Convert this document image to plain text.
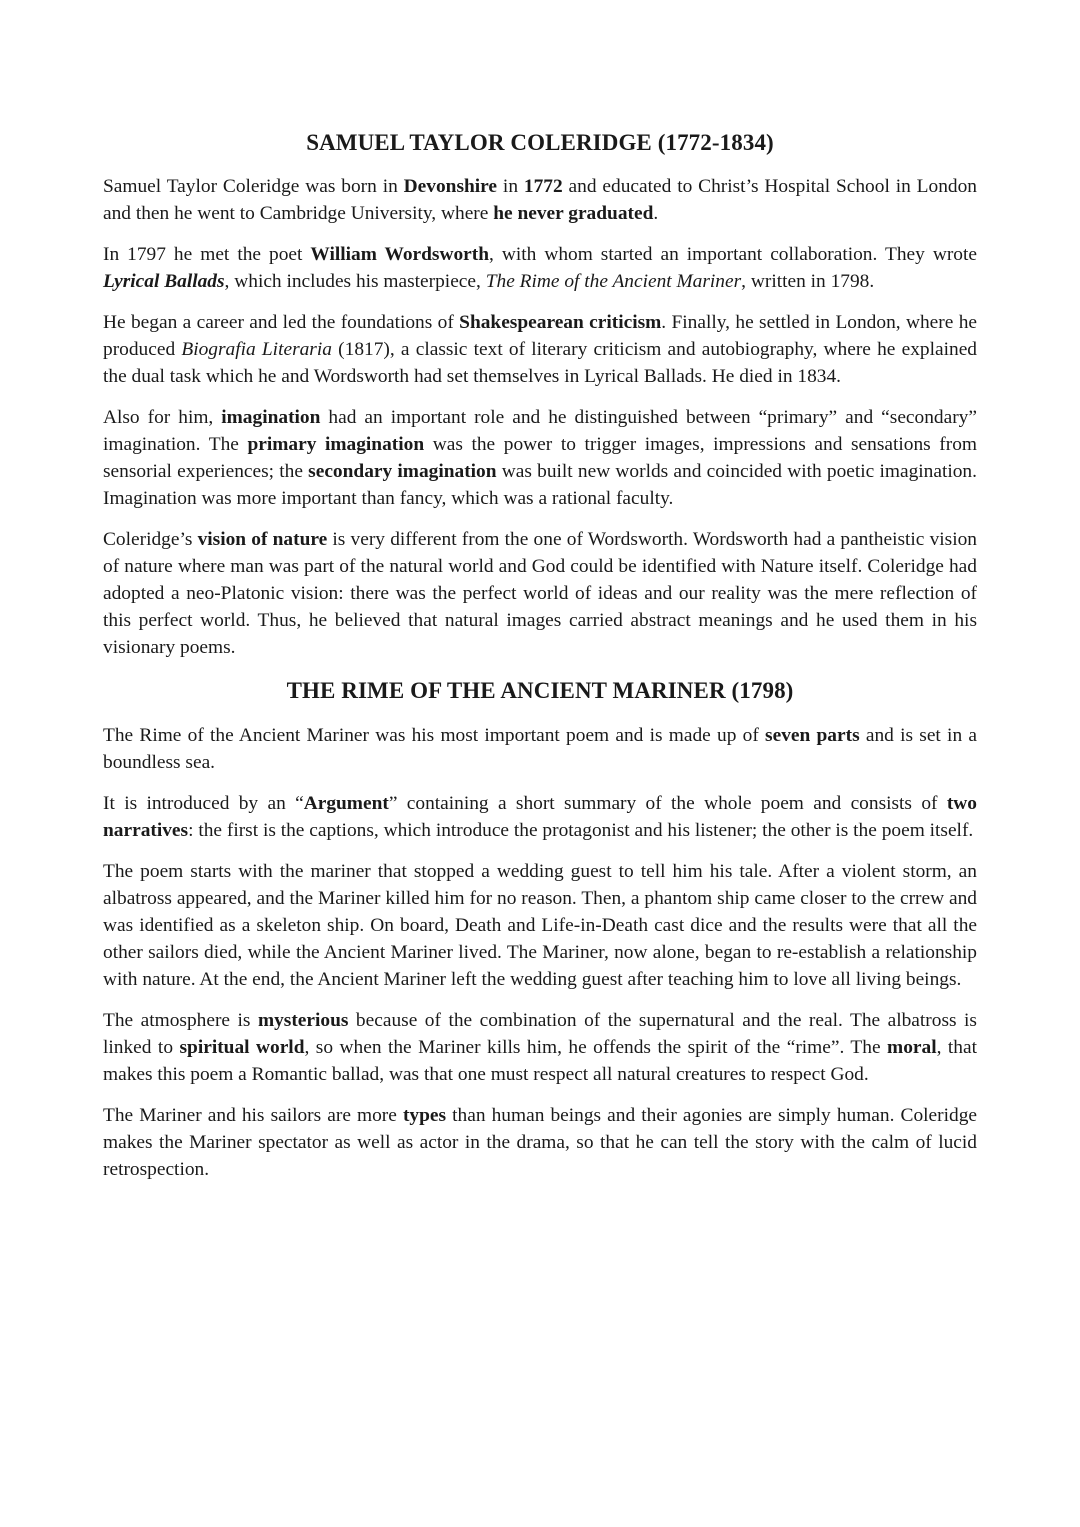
SAMUEL TAYLOR COLERIDGE (1772-1834)

Samuel Taylor Coleridge was born in Devonshire in 1772 and educated to Christ’s Hospital School in London and then he went to Cambridge University, where he never graduated.

In 1797 he met the poet William Wordsworth, with whom started an important collaboration. They wrote Lyrical Ballads, which includes his masterpiece, The Rime of the Ancient Mariner, written in 1798.

He began a career and led the foundations of Shakespearean criticism. Finally, he settled in London, where he produced Biografia Literaria (1817), a classic text of literary criticism and autobiography, where he explained the dual task which he and Wordsworth had set themselves in Lyrical Ballads. He died in 1834.

Also for him, imagination had an important role and he distinguished between “primary” and “secondary” imagination. The primary imagination was the power to trigger images, impressions and sensations from sensorial experiences; the secondary imagination was built new worlds and coincided with poetic imagination. Imagination was more important than fancy, which was a rational faculty.

Coleridge’s vision of nature is very different from the one of Wordsworth. Wordsworth had a pantheistic vision of nature where man was part of the natural world and God could be identified with Nature itself. Coleridge had adopted a neo-Platonic vision: there was the perfect world of ideas and our reality was the mere reflection of this perfect world. Thus, he believed that natural images carried abstract meanings and he used them in his visionary poems.

THE RIME OF THE ANCIENT MARINER (1798)

The Rime of the Ancient Mariner was his most important poem and is made up of seven parts and is set in a boundless sea.

It is introduced by an “Argument” containing a short summary of the whole poem and consists of two narratives: the first is the captions, which introduce the protagonist and his listener; the other is the poem itself.

The poem starts with the mariner that stopped a wedding guest to tell him his tale. After a violent storm, an albatross appeared, and the Mariner killed him for no reason. Then, a phantom ship came closer to the crrew and was identified as a skeleton ship. On board, Death and Life-in-Death cast dice and the results were that all the other sailors died, while the Ancient Mariner lived. The Mariner, now alone, began to re-establish a relationship with nature. At the end, the Ancient Mariner left the wedding guest after teaching him to love all living beings.

The atmosphere is mysterious because of the combination of the supernatural and the real. The albatross is linked to spiritual world, so when the Mariner kills him, he offends the spirit of the “rime”. The moral, that makes this poem a Romantic ballad, was that one must respect all natural creatures to respect God.

The Mariner and his sailors are more types than human beings and their agonies are simply human. Coleridge makes the Mariner spectator as well as actor in the drama, so that he can tell the story with the calm of lucid retrospection.
